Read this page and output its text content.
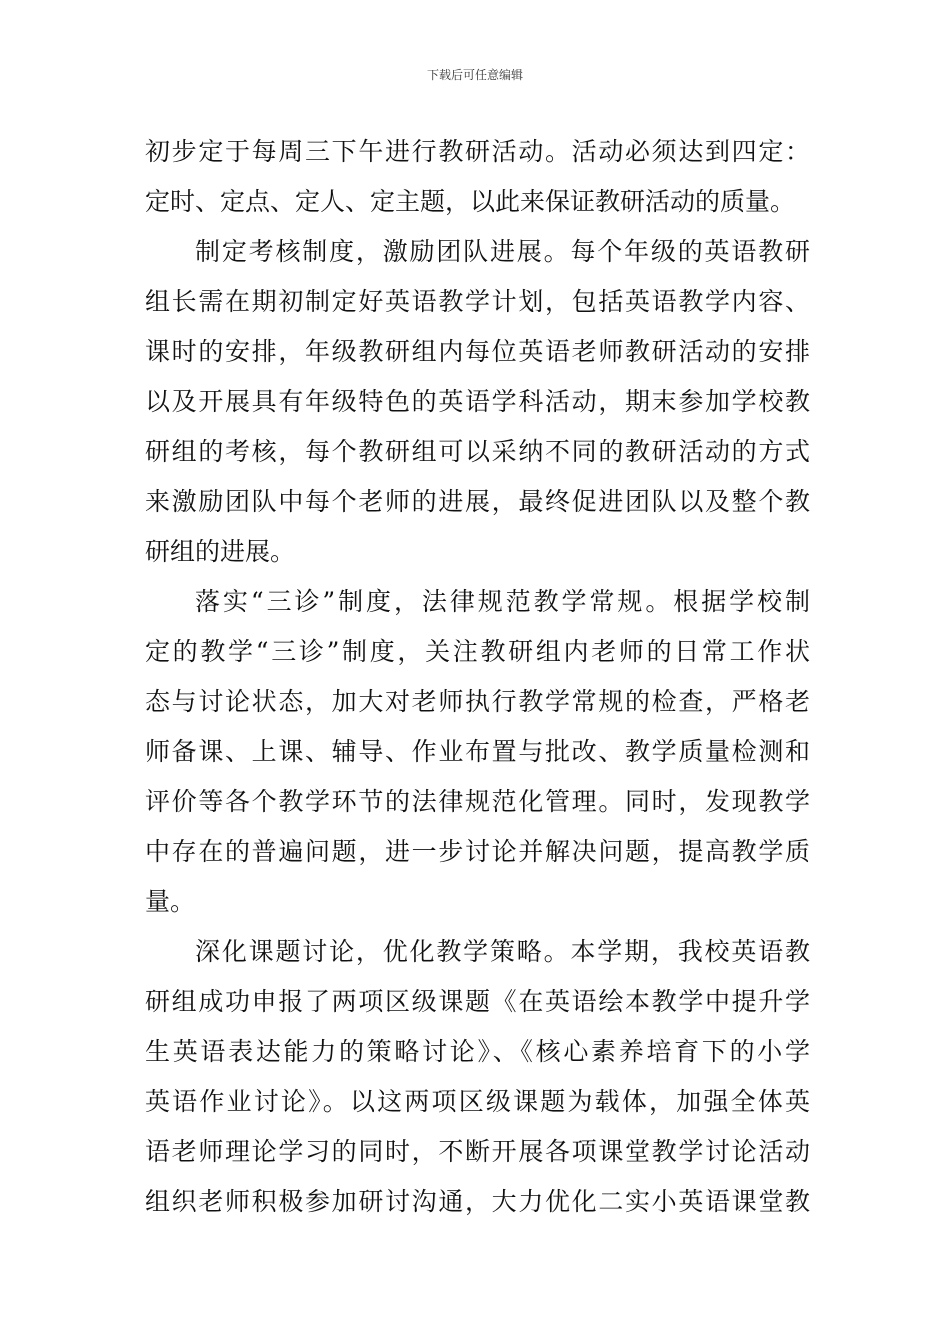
下载后可任意编辑
初步定于每周三下午进行教研活动。活动必须达到四定：
定时、定点、定人、定主题，以此来保证教研活动的质量。
制定考核制度，激励团队进展。每个年级的英语教研
组长需在期初制定好英语教学计划，包括英语教学内容、
课时的安排，年级教研组内每位英语老师教研活动的安排
以及开展具有年级特色的英语学科活动，期末参加学校教
研组的考核，每个教研组可以采纳不同的教研活动的方式
来激励团队中每个老师的进展，最终促进团队以及整个教
研组的进展。
落实“三诊”制度，法律规范教学常规。根据学校制
定的教学“三诊”制度，关注教研组内老师的日常工作状
态与讨论状态，加大对老师执行教学常规的检查，严格老
师备课、上课、辅导、作业布置与批改、教学质量检测和
评价等各个教学环节的法律规范化管理。同时，发现教学
中存在的普遍问题，进一步讨论并解决问题，提高教学质
量。
深化课题讨论，优化教学策略。本学期，我校英语教
研组成功申报了两项区级课题《在英语绘本教学中提升学
生英语表达能力的策略讨论》、《核心素养培育下的小学
英语作业讨论》。以这两项区级课题为载体，加强全体英
语老师理论学习的同时，不断开展各项课堂教学讨论活动
组织老师积极参加研讨沟通，大力优化二实小英语课堂教
